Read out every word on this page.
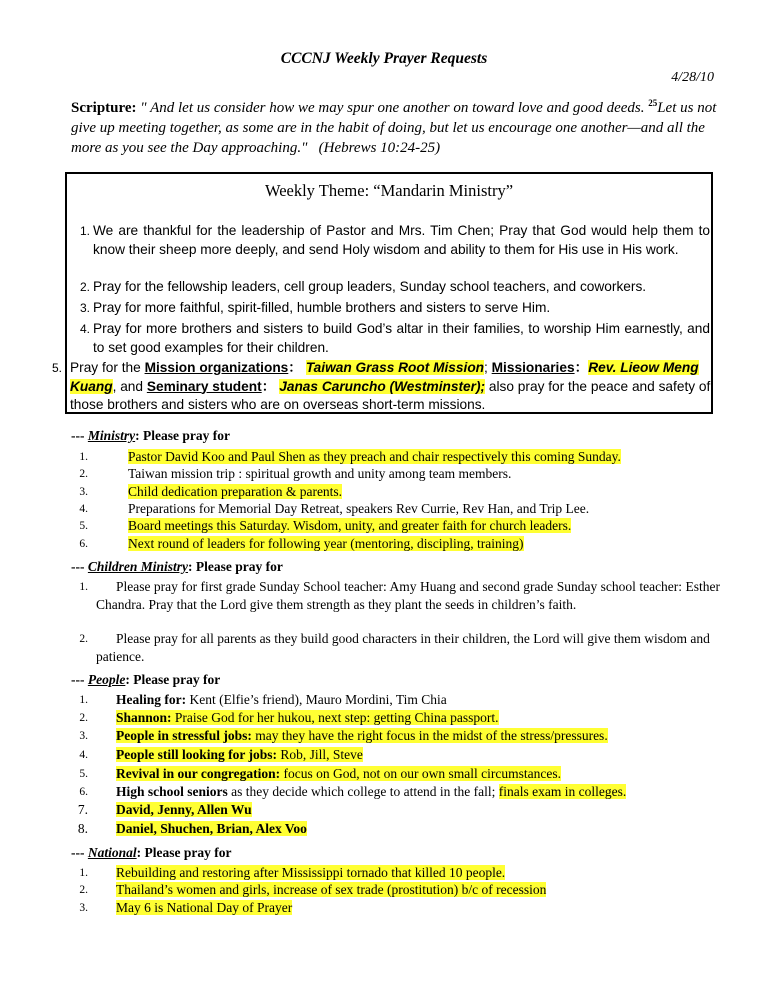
CCCNJ Weekly Prayer Requests
4/28/10
Scripture: " And let us consider how we may spur one another on toward love and good deeds. $^{25}$Let us not give up meeting together, as some are in the habit of doing, but let us encourage one another—and all the more as you see the Day approaching." (Hebrews 10:24-25)
Weekly Theme: “Mandarin Ministry”
1. We are thankful for the leadership of Pastor and Mrs. Tim Chen; Pray that God would help them to know their sheep more deeply, and send Holy wisdom and ability to them for His use in His work.
2. Pray for the fellowship leaders, cell group leaders, Sunday school teachers, and coworkers.
3. Pray for more faithful, spirit-filled, humble brothers and sisters to serve Him.
4. Pray for more brothers and sisters to build God’s altar in their families, to worship Him earnestly, and to set good examples for their children.
5. Pray for the Mission organizations： Taiwan Grass Root Mission; Missionaries：Rev. Lieow Meng Kuang, and Seminary student： Janas Caruncho (Westminster); also pray for the peace and safety of those brothers and sisters who are on overseas short-term missions.
--- Ministry: Please pray for
1.	Pastor David Koo and Paul Shen as they preach and chair respectively this coming Sunday.
2.	Taiwan mission trip : spiritual growth and unity among team members.
3.	Child dedication preparation & parents.
4.	Preparations for Memorial Day Retreat, speakers Rev Currie, Rev Han, and Trip Lee.
5.	Board meetings this Saturday. Wisdom, unity, and greater faith for church leaders.
6.	Next round of leaders for following year (mentoring, discipling, training)
--- Children Ministry: Please pray for
1.	Please pray for first grade Sunday School teacher: Amy Huang and second grade Sunday school teacher: Esther Chandra. Pray that the Lord give them strength as they plant the seeds in children’s faith.
2.	Please pray for all parents as they build good characters in their children, the Lord will give them wisdom and patience.
--- People: Please pray for
1. Healing for: Kent (Elfie’s friend), Mauro Mordini, Tim Chia
2. Shannon: Praise God for her hukou, next step: getting China passport.
3. People in stressful jobs: may they have the right focus in the midst of the stress/pressures.
4. People still looking for jobs: Rob, Jill, Steve
5. Revival in our congregation: focus on God, not on our own small circumstances.
6. High school seniors as they decide which college to attend in the fall; finals exam in colleges.
7. David, Jenny, Allen Wu
8. Daniel, Shuchen, Brian, Alex Voo
--- National: Please pray for
1. Rebuilding and restoring after Mississippi tornado that killed 10 people.
2. Thailand’s women and girls, increase of sex trade (prostitution) b/c of recession
3. May 6 is National Day of Prayer
